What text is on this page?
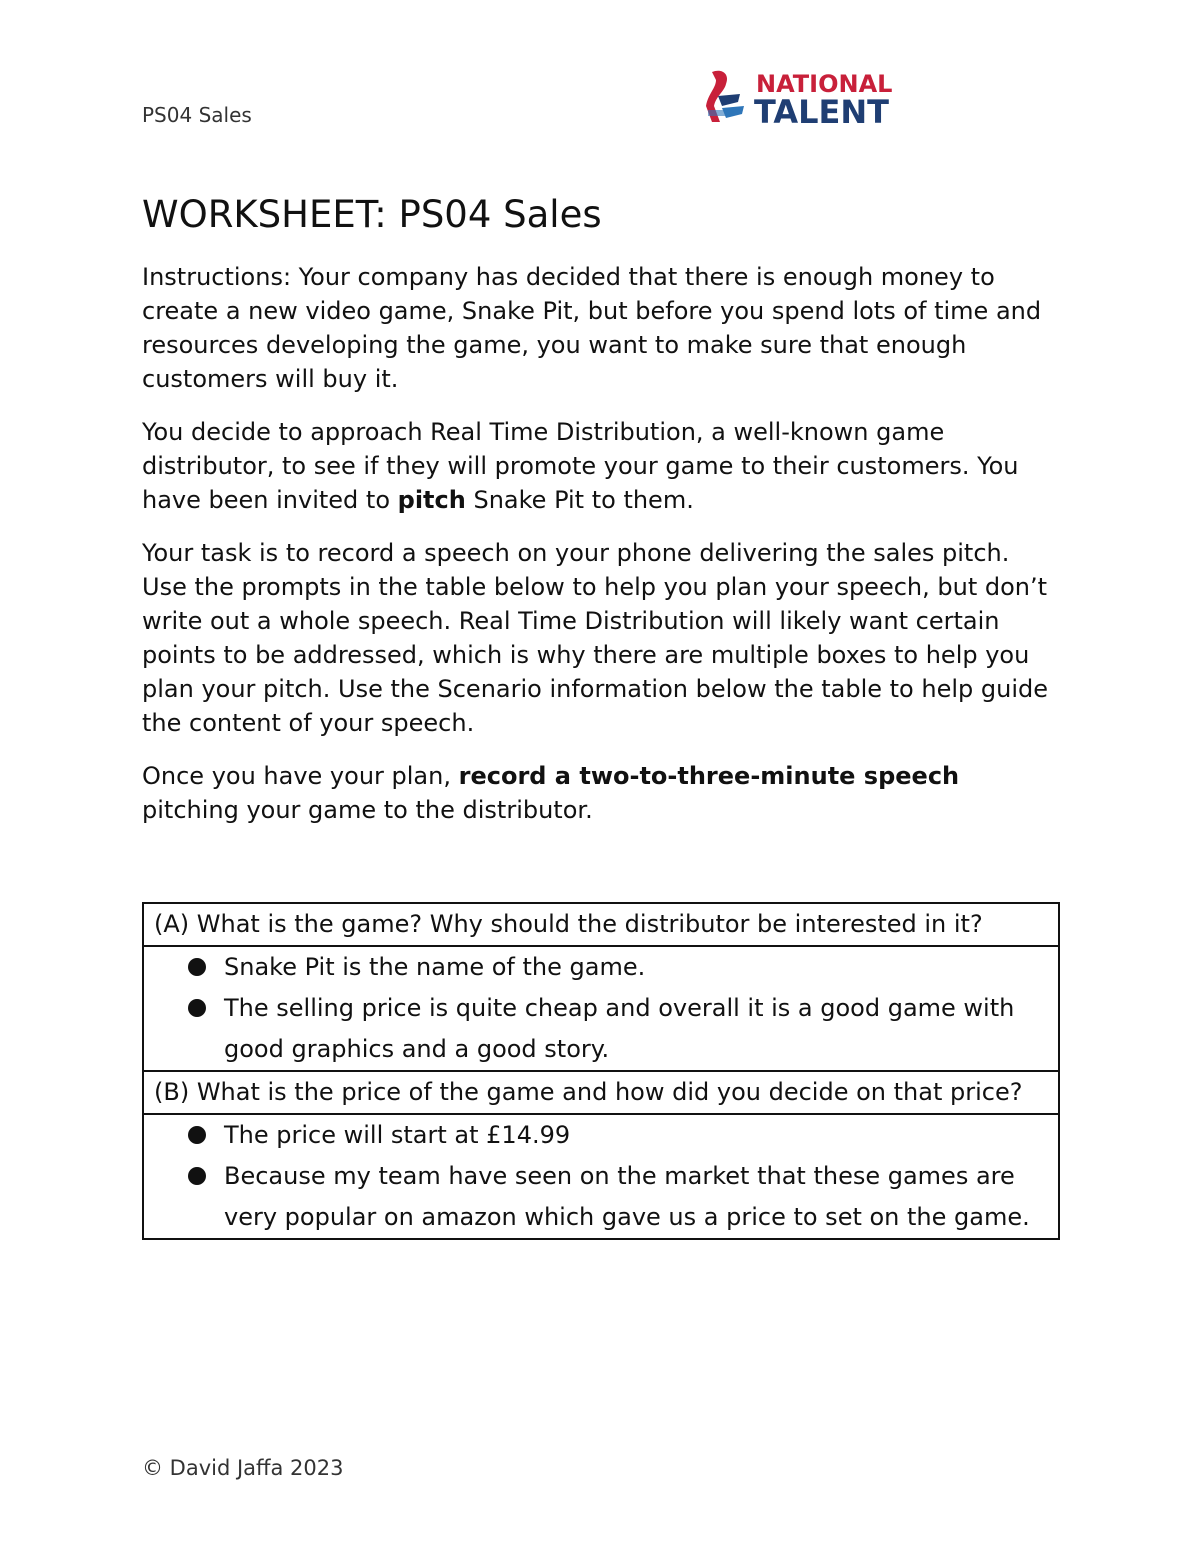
PS04 Sales
NATIONAL
TALENT
WORKSHEET: PS04 Sales

Instructions: Your company has decided that there is enough money to create a new video game, Snake Pit, but before you spend lots of time and resources developing the game, you want to make sure that enough customers will buy it.

You decide to approach Real Time Distribution, a well-known game distributor, to see if they will promote your game to their customers. You have been invited to pitch Snake Pit to them.

Your task is to record a speech on your phone delivering the sales pitch. Use the prompts in the table below to help you plan your speech, but don’t write out a whole speech. Real Time Distribution will likely want certain points to be addressed, which is why there are multiple boxes to help you plan your pitch. Use the Scenario information below the table to help guide the content of your speech.

Once you have your plan, record a two-to-three-minute speech pitching your game to the distributor.

(A) What is the game? Why should the distributor be interested in it?

Snake Pit is the name of the game.
The selling price is quite cheap and overall it is a good game with good graphics and a good story.

(B) What is the price of the game and how did you decide on that price?

The price will start at £14.99
Because my team have seen on the market that these games are very popular on amazon which gave us a price to set on the game.
© David Jaffa 2023
